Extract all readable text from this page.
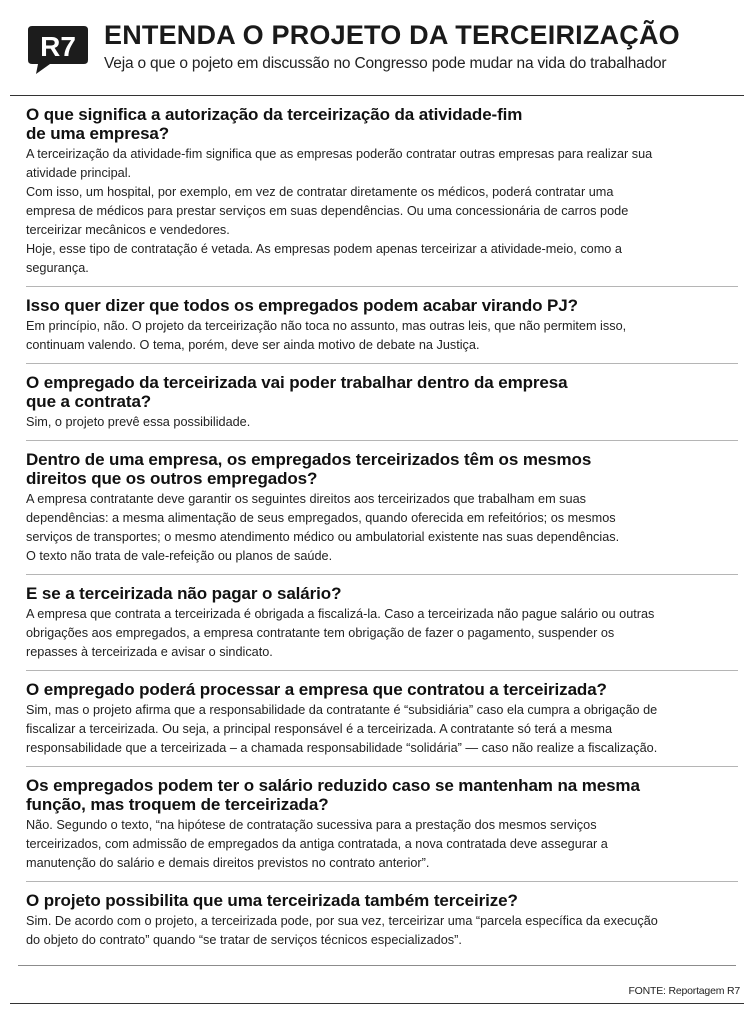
R7 ENTENDA O PROJETO DA TERCEIRIZAÇÃO
Veja o que o pojeto em discussão no Congresso pode mudar na vida do trabalhador
O que significa a autorização da terceirização da atividade-fim
de uma empresa?
A terceirização da atividade-fim significa que as empresas poderão contratar outras empresas para realizar sua
atividade principal.
Com isso, um hospital, por exemplo, em vez de contratar diretamente os médicos, poderá contratar uma
empresa de médicos para prestar serviços em suas dependências. Ou uma concessionária de carros pode
terceirizar mecânicos e vendedores.
Hoje, esse tipo de contratação é vetada. As empresas podem apenas terceirizar a atividade-meio, como a
segurança.
Isso quer dizer que todos os empregados podem acabar virando PJ?
Em princípio, não. O projeto da terceirização não toca no assunto, mas outras leis, que não permitem isso,
continuam valendo. O tema, porém, deve ser ainda motivo de debate na Justiça.
O empregado da terceirizada vai poder trabalhar dentro da empresa
que a contrata?
Sim, o projeto prevê essa possibilidade.
Dentro de uma empresa, os empregados terceirizados têm os mesmos
direitos que os outros empregados?
A empresa contratante deve garantir os seguintes direitos aos terceirizados que trabalham em suas
dependências: a mesma alimentação de seus empregados, quando oferecida em refeitórios; os mesmos
serviços de transportes; o mesmo atendimento médico ou ambulatorial existente nas suas dependências.
O texto não trata de vale-refeição ou planos de saúde.
E se a terceirizada não pagar o salário?
A empresa que contrata a terceirizada é obrigada a fiscalizá-la. Caso a terceirizada não pague salário ou outras
obrigações aos empregados, a empresa contratante tem obrigação de fazer o pagamento, suspender os
repasses à terceirizada e avisar o sindicato.
O empregado poderá processar a empresa que contratou a terceirizada?
Sim, mas o projeto afirma que a responsabilidade da contratante é “subsidiária” caso ela cumpra a obrigação de
fiscalizar a terceirizada. Ou seja, a principal responsável é a terceirizada. A contratante só terá a mesma
responsabilidade que a terceirizada – a chamada responsabilidade “solidária” — caso não realize a fiscalização.
Os empregados podem ter o salário reduzido caso se mantenham na mesma
função, mas troquem de terceirizada?
Não. Segundo o texto, “na hipótese de contratação sucessiva para a prestação dos mesmos serviços
terceirizados, com admissão de empregados da antiga contratada, a nova contratada deve assegurar a
manutenção do salário e demais direitos previstos no contrato anterior”.
O projeto possibilita que uma terceirizada também terceirize?
Sim. De acordo com o projeto, a terceirizada pode, por sua vez, terceirizar uma “parcela específica da execução
do objeto do contrato” quando “se tratar de serviços técnicos especializados”.
FONTE: Reportagem R7
